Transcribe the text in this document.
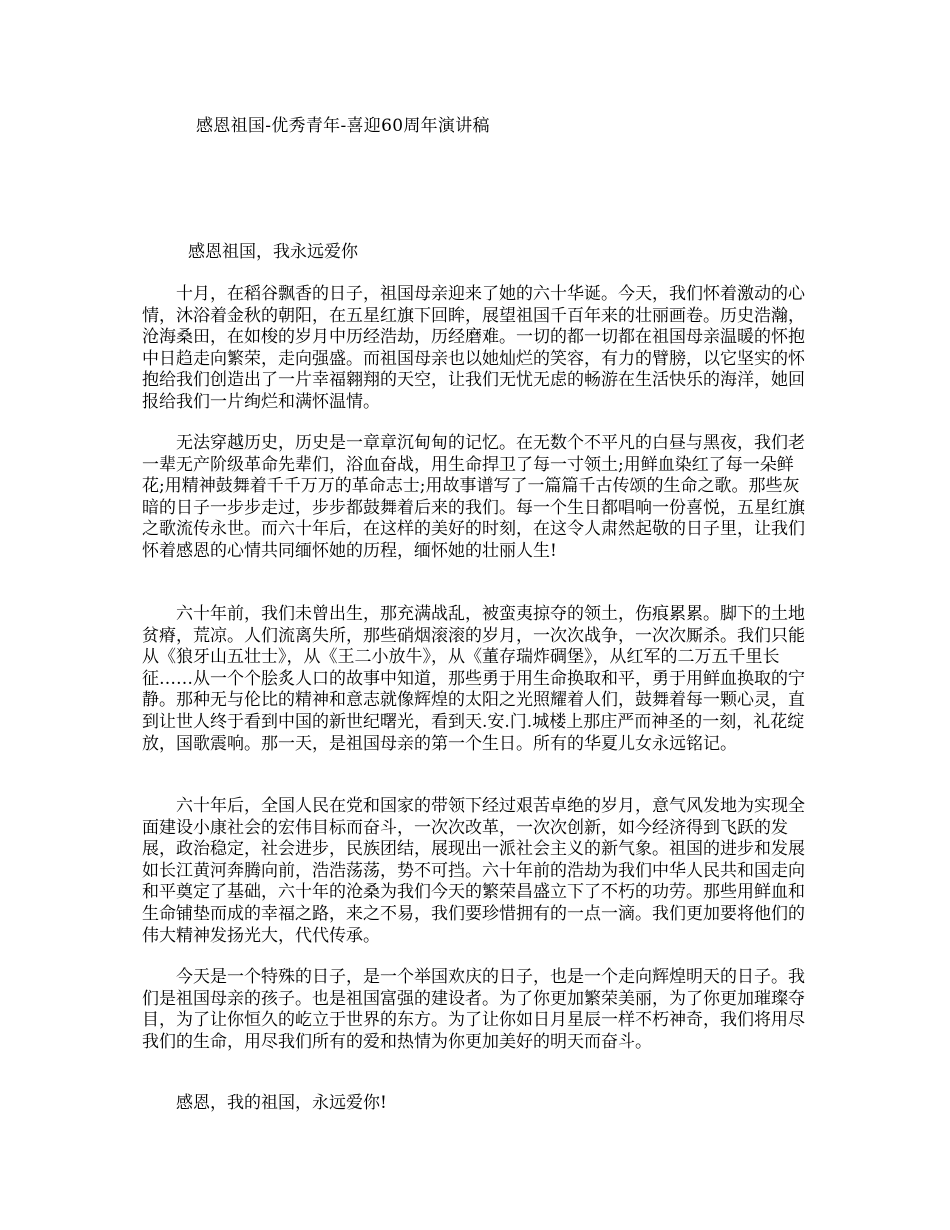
感恩祖国-优秀青年-喜迎60周年演讲稿
感恩祖国，我永远爱你

十月，在稻谷飘香的日子，祖国母亲迎来了她的六十华诞。今天，我们怀着激动的心情，沐浴着金秋的朝阳，在五星红旗下回眸，展望祖国千百年来的壮丽画卷。历史浩瀚，沧海桑田，在如梭的岁月中历经浩劫，历经磨难。一切的都一切都在祖国母亲温暖的怀抱中日趋走向繁荣，走向强盛。而祖国母亲也以她灿烂的笑容，有力的臂膀，以它坚实的怀抱给我们创造出了一片幸福翱翔的天空，让我们无忧无虑的畅游在生活快乐的海洋，她回报给我们一片绚烂和满怀温情。

无法穿越历史，历史是一章章沉甸甸的记忆。在无数个不平凡的白昼与黑夜，我们老一辈无产阶级革命先辈们，浴血奋战，用生命捍卫了每一寸领土;用鲜血染红了每一朵鲜花;用精神鼓舞着千千万万的革命志士;用故事谱写了一篇篇千古传颂的生命之歌。那些灰暗的日子一步步走过，步步都鼓舞着后来的我们。每一个生日都唱响一份喜悦，五星红旗之歌流传永世。而六十年后，在这样的美好的时刻，在这令人肃然起敬的日子里，让我们怀着感恩的心情共同缅怀她的历程，缅怀她的壮丽人生!

六十年前，我们未曾出生，那充满战乱，被蛮夷掠夺的领土，伤痕累累。脚下的土地贫瘠，荒凉。人们流离失所，那些硝烟滚滚的岁月，一次次战争，一次次厮杀。我们只能从《狼牙山五壮士》，从《王二小放牛》，从《董存瑞炸碉堡》，从红军的二万五千里长征……从一个个脍炙人口的故事中知道，那些勇于用生命换取和平，勇于用鲜血换取的宁静。那种无与伦比的精神和意志就像辉煌的太阳之光照耀着人们，鼓舞着每一颗心灵，直到让世人终于看到中国的新世纪曙光，看到天.安.门.城楼上那庄严而神圣的一刻，礼花绽放，国歌震响。那一天，是祖国母亲的第一个生日。所有的华夏儿女永远铭记。

六十年后，全国人民在党和国家的带领下经过艰苦卓绝的岁月，意气风发地为实现全面建设小康社会的宏伟目标而奋斗，一次次改革，一次次创新，如今经济得到飞跃的发展，政治稳定，社会进步，民族团结，展现出一派社会主义的新气象。祖国的进步和发展如长江黄河奔腾向前，浩浩荡荡，势不可挡。六十年前的浩劫为我们中华人民共和国走向和平奠定了基础，六十年的沧桑为我们今天的繁荣昌盛立下了不朽的功劳。那些用鲜血和生命铺垫而成的幸福之路，来之不易，我们要珍惜拥有的一点一滴。我们更加要将他们的伟大精神发扬光大，代代传承。

今天是一个特殊的日子，是一个举国欢庆的日子，也是一个走向辉煌明天的日子。我们是祖国母亲的孩子。也是祖国富强的建设者。为了你更加繁荣美丽，为了你更加璀璨夺目，为了让你恒久的屹立于世界的东方。为了让你如日月星辰一样不朽神奇，我们将用尽我们的生命，用尽我们所有的爱和热情为你更加美好的明天而奋斗。

感恩，我的祖国，永远爱你!
